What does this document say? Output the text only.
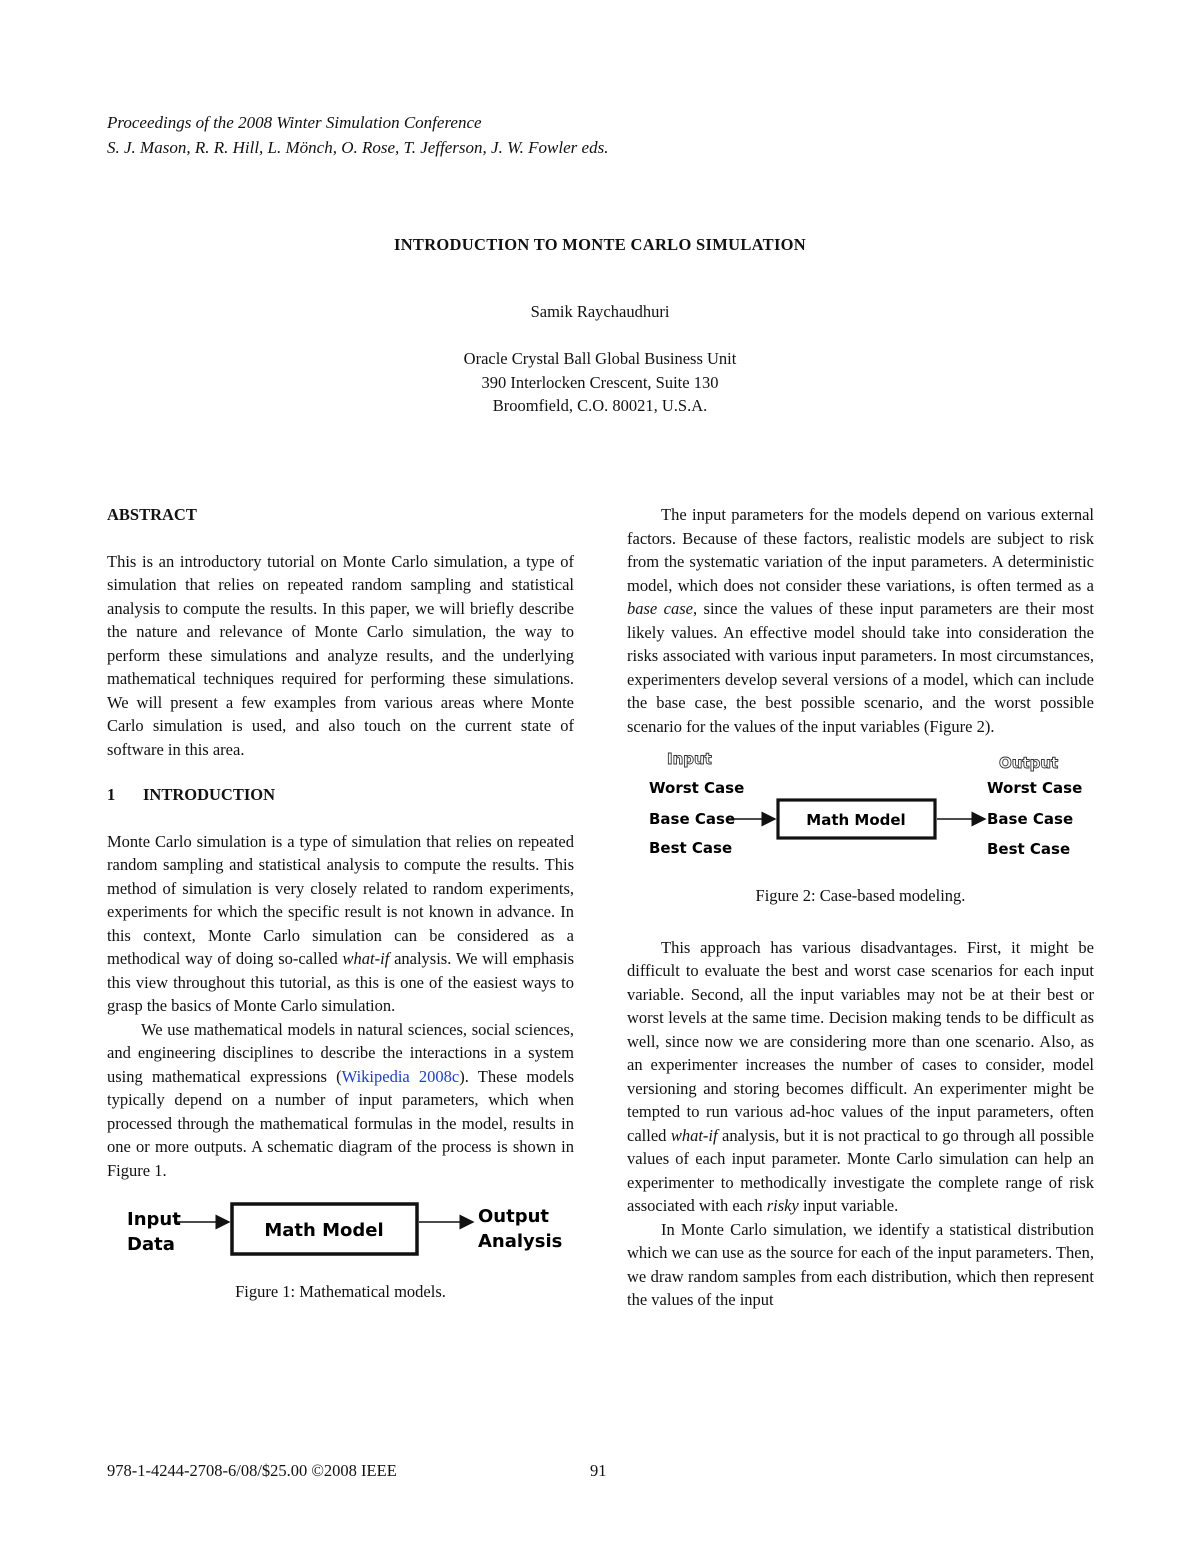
Proceedings of the 2008 Winter Simulation Conference
S. J. Mason, R. R. Hill, L. Mönch, O. Rose, T. Jefferson, J. W. Fowler eds.
INTRODUCTION TO MONTE CARLO SIMULATION
Samik Raychaudhuri
Oracle Crystal Ball Global Business Unit
390 Interlocken Crescent, Suite 130
Broomfield, C.O. 80021, U.S.A.
ABSTRACT

This is an introductory tutorial on Monte Carlo simulation, a type of simulation that relies on repeated random sampling and statistical analysis to compute the results. In this paper, we will briefly describe the nature and relevance of Monte Carlo simulation, the way to perform these simulations and analyze results, and the underlying mathematical techniques required for performing these simulations. We will present a few examples from various areas where Monte Carlo simulation is used, and also touch on the current state of software in this area.

1 INTRODUCTION

Monte Carlo simulation is a type of simulation that relies on repeated random sampling and statistical analysis to compute the results. This method of simulation is very closely related to random experiments, experiments for which the specific result is not known in advance. In this context, Monte Carlo simulation can be considered as a methodical way of doing so-called what-if analysis. We will emphasis this view throughout this tutorial, as this is one of the easiest ways to grasp the basics of Monte Carlo simulation.

We use mathematical models in natural sciences, social sciences, and engineering disciplines to describe the interactions in a system using mathematical expressions (Wikipedia 2008c). These models typically depend on a number of input parameters, which when processed through the mathematical formulas in the model, results in one or more outputs. A schematic diagram of the process is shown in Figure 1.

Input
Data
Math Model
Output
Analysis
Figure 1: Mathematical models.

The input parameters for the models depend on various external factors. Because of these factors, realistic models are subject to risk from the systematic variation of the input parameters. A deterministic model, which does not consider these variations, is often termed as a base case, since the values of these input parameters are their most likely values. An effective model should take into consideration the risks associated with various input parameters. In most circumstances, experimenters develop several versions of a model, which can include the base case, the best possible scenario, and the worst possible scenario for the values of the input variables (Figure 2).

Input	Output
Worst Case
Base Case
Best Case
Math Model
Worst Case
Base Case
Best Case
Figure 2: Case-based modeling.

This approach has various disadvantages. First, it might be difficult to evaluate the best and worst case scenarios for each input variable. Second, all the input variables may not be at their best or worst levels at the same time. Decision making tends to be difficult as well, since now we are considering more than one scenario. Also, as an experimenter increases the number of cases to consider, model versioning and storing becomes difficult. An experimenter might be tempted to run various ad-hoc values of the input parameters, often called what-if analysis, but it is not practical to go through all possible values of each input parameter. Monte Carlo simulation can help an experimenter to methodically investigate the complete range of risk associated with each risky input variable.

In Monte Carlo simulation, we identify a statistical distribution which we can use as the source for each of the input parameters. Then, we draw random samples from each distribution, which then represent the values of the input

978-1-4244-2708-6/08/$25.00 ©2008 IEEE	91
